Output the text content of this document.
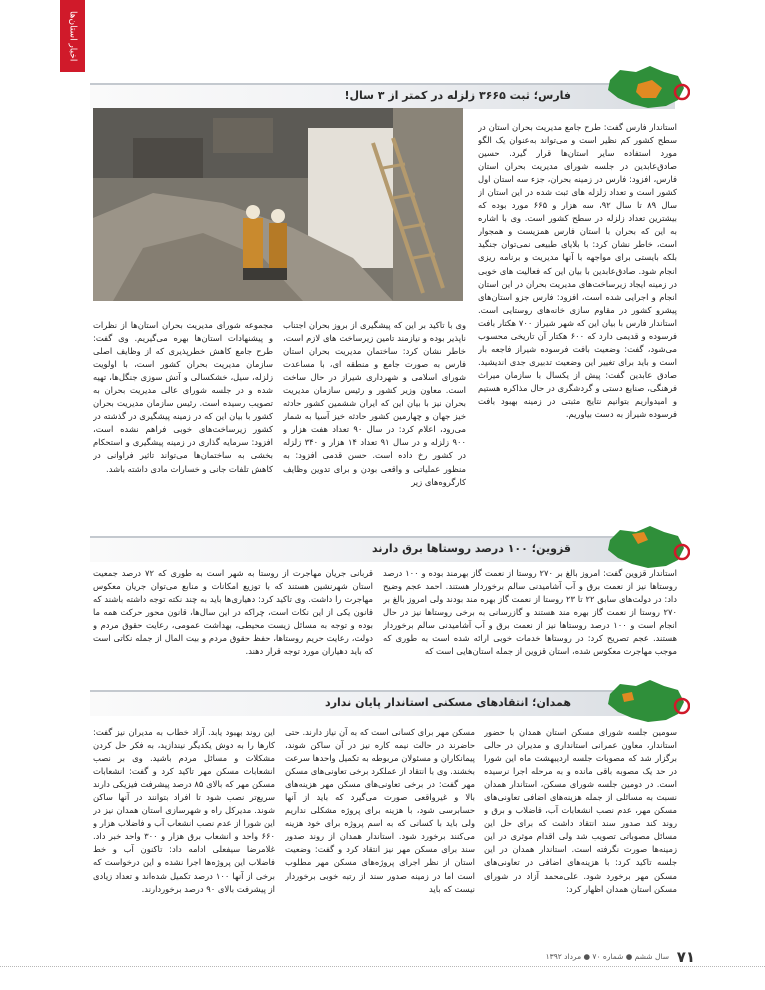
اخبار استان‌ها
فارس؛ ثبت ۳۶۶۵ زلزله در کمتر از ۳ سال!
استاندار فارس گفت: طرح جامع مدیریت بحران استان در سطح کشور کم نظیر است و می‌تواند به‌عنوان یک الگو مورد استفاده سایر استان‌ها قرار گیرد. حسین صادق‌عابدین در جلسه شورای مدیریت بحران استان فارس، افزود: فارس در زمینه بحران، جزء سه استان اول کشور است و تعداد زلزله های ثبت شده در این استان از سال ۸۹ تا سال ۹۲، سه هزار و ۶۶۵ مورد بوده که بیشترین تعداد زلزله در سطح کشور است. وی با اشاره به این که بحران با استان فارس همزیست و همجوار است، خاطر نشان کرد: با بلایای طبیعی نمی‌توان جنگید بلکه بایستی برای مواجهه با آنها مدیریت و برنامه ریزی انجام شود. صادق‌عابدین با بیان این که فعالیت های خوبی در زمینه ایجاد زیرساخت‌های مدیریت بحران در این استان انجام و اجرایی شده است، افزود: فارس جزو استان‌های پیشرو کشور در مقاوم سازی خانه‌های روستایی است. استاندار فارس با بیان این که شهر شیراز ۷۰۰ هکتار بافت فرسوده و قدیمی دارد که ۶۰۰ هکتار آن تاریخی محسوب می‌شود، گفت: وضعیت بافت فرسوده شیراز فاجعه بار است و باید برای تغییر این وضعیت تدبیری جدی اندیشید. صادق عابدین گفت: پیش از یکسال با سازمان میراث فرهنگی، صنایع دستی و گردشگری در حال مذاکره هستیم و امیدواریم بتوانیم نتایج مثبتی در زمینه بهبود بافت فرسوده شیراز به دست بیاوریم.
وی با تاکید بر این که پیشگیری از بروز بحران اجتناب ناپذیر بوده و نیازمند تامین زیرساخت های لازم است، خاطر نشان کرد: ساختمان مدیریت بحران استان فارس به صورت جامع و منطقه ای، با مساعدت شورای اسلامی و شهرداری شیراز در حال ساخت است. معاون وزیر کشور و رئیس سازمان مدیریت بحران نیز با بیان این که ایران ششمین کشور حادثه خیز جهان و چهارمین کشور حادثه خیز آسیا به شمار می‌رود، اعلام کرد: در سال ۹۰ تعداد هفت هزار و ۹۰۰ زلزله و در سال ۹۱ تعداد ۱۴ هزار و ۳۴۰ زلزله در کشور رخ داده است. حسن قدمی افزود: به منظور عملیاتی و واقعی بودن و برای تدوین وظایف کارگروه‌های زیر
مجموعه شورای مدیریت بحران استان‌ها از نظرات و پیشنهادات استان‌ها بهره می‌گیریم. وی گفت: طرح جامع کاهش خطرپذیری که از وظایف اصلی سازمان مدیریت بحران کشور است، با اولویت زلزله، سیل، خشکسالی و آتش سوزی جنگل‌ها، تهیه شده و در جلسه شورای عالی مدیریت بحران به تصویب رسیده است. رئیس سازمان مدیریت بحران کشور با بیان این که در زمینه پیشگیری در گذشته در کشور زیرساخت‌های خوبی فراهم نشده است، افزود: سرمایه گذاری در زمینه پیشگیری و استحکام بخشی به ساختمان‌ها می‌تواند تاثیر فراوانی در کاهش تلفات جانی و خسارات مادی داشته باشد.
قزوین؛ ۱۰۰ درصد روستاها برق دارند
استاندار قزوین گفت: امروز بالغ بر ۲۷۰ روستا از نعمت گاز بهرمند بوده و ۱۰۰ درصد روستاها نیز از نعمت برق و آب آشامیدنی سالم برخوردار هستند. احمد عجم وضیح داد: در دولت‌های سابق ۲۲ تا ۲۳ روستا از نعمت گاز بهره مند بودند ولی امروز بالغ بر ۲۷۰ روستا از نعمت گاز بهره مند هستند و گازرسانی به برخی روستاها نیز در حال انجام است و ۱۰۰ درصد روستاها نیز از نعمت برق و آب آشامیدنی سالم برخوردار هستند. عجم تصریح کرد: در روستاها خدمات خوبی ارائه شده است به طوری که موجب مهاجرت معکوس شده، استان قزوین از جمله استان‌هایی است که
قربانی جریان مهاجرت از روستا به شهر است به طوری که ۷۲ درصد جمعیت استان شهرنشین هستند که با توزیع امکانات و منابع می‌توان جریان معکوس مهاجرت را داشت. وی تاکید کرد: دهیاری‌ها باید به چند نکته توجه داشته باشند که قانون یکی از این نکات است، چراکه در این سال‌ها، قانون محور حرکت همه ما بوده و توجه به مسائل زیست محیطی، بهداشت عمومی، رعایت حقوق مردم و دولت، رعایت حریم روستاها، حفظ حقوق مردم و بیت المال از جمله نکاتی است که باید دهیاران مورد توجه قرار دهند.
همدان؛ انتقادهای مسکنی استاندار پایان ندارد
سومین جلسه شورای مسکن استان همدان با حضور استاندار، معاون عمرانی استانداری و مدیران در حالی برگزار شد که مصوبات جلسه اردیبهشت ماه این شورا در حد یک مصوبه باقی مانده و به مرحله اجرا نرسیده است. در دومین جلسه شورای مسکن، استاندار همدان نسبت به مسائلی از جمله هزینه‌های اضافی تعاونی‌های مسکن مهر، عدم نصب انشعابات آب، فاضلاب و برق و روند کند صدور سند انتقاد داشت که برای حل این مسائل مصوباتی تصویب شد ولی اقدام موثری در این زمینه‌ها صورت نگرفته است. استاندار همدان در این جلسه تاکید کرد: با هزینه‌های اضافی در تعاونی‌های مسکن مهر برخورد شود. علی‌محمد آزاد در شورای مسکن استان همدان اظهار کرد:
مسکن مهر برای کسانی است که به آن نیاز دارند. حتی حاضرند در حالت نیمه کاره نیز در آن ساکن شوند، پیمانکاران و مسئولان مربوطه به تکمیل واحدها سرعت بخشند. وی با انتقاد از عملکرد برخی تعاونی‌های مسکن مهر گفت: در برخی تعاونی‌های مسکن مهر هزینه‌های بالا و غیرواقعی صورت می‌گیرد که باید از آنها حسابرسی شود، با هزینه برای پروژه مشکلی نداریم ولی باید با کسانی که به اسم پروژه برای خود هزینه می‌کنند برخورد شود. استاندار همدان از روند صدور سند برای مسکن مهر نیز انتقاد کرد و گفت: وضعیت استان از نظر اجرای پروژه‌های مسکن مهر مطلوب است اما در زمینه صدور سند از رتبه خوبی برخوردار نیست که باید
این روند بهبود یابد. آزاد خطاب به مدیران نیز گفت: کارها را به دوش یکدیگر نیندازید، به فکر حل کردن مشکلات و مسائل مردم باشید. وی بر نصب انشعابات مسکن مهر تاکید کرد و گفت: انشعابات مسکن مهر که بالای ۸۵ درصد پیشرفت فیزیکی دارند سریع‌تر نصب شود تا افراد بتوانند در آنها ساکن شوند. مدیرکل راه و شهرسازی استان همدان نیز در این شورا از عدم نصب انشعاب آب و فاضلاب هزار و ۶۶۰ واحد و انشعاب برق هزار و ۳۰۰ واحد خبر داد. غلامرضا سیفعلی ادامه داد: تاکنون آب و خط فاضلاب این پروژه‌ها اجرا نشده و این درخواست که برخی از آنها ۱۰۰ درصد تکمیل شده‌اند و تعداد زیادی از پیشرفت بالای ۹۰ درصد برخوردارند.
۷۱
سال ششم ● شماره ۷۰ ● مرداد ۱۳۹۲
